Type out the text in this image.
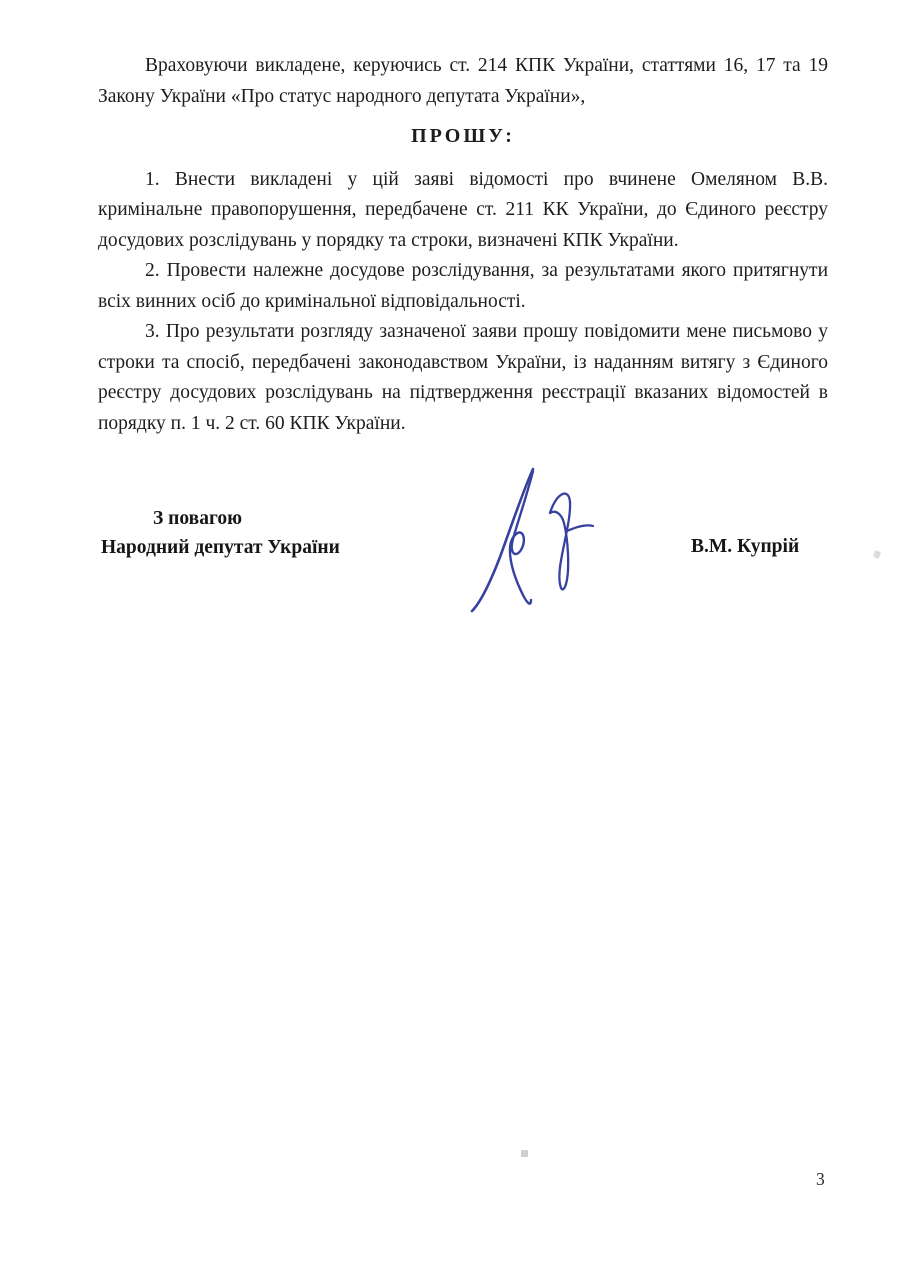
Враховуючи викладене, керуючись ст. 214 КПК України, статтями 16, 17 та 19 Закону України «Про статус народного депутата України»,

ПРОШУ:

1. Внести викладені у цій заяві відомості про вчинене Омеляном В.В. кримінальне правопорушення, передбачене ст. 211 КК України, до Єдиного реєстру досудових розслідувань у порядку та строки, визначені КПК України.

2. Провести належне досудове розслідування, за результатами якого притягнути всіх винних осіб до кримінальної відповідальності.

3. Про результати розгляду зазначеної заяви прошу повідомити мене письмово у строки та спосіб, передбачені законодавством України, із наданням витягу з Єдиного реєстру досудових розслідувань на підтвердження реєстрації вказаних відомостей в порядку п. 1 ч. 2 ст. 60 КПК України.

З повагою
Народний депутат України	В.М. Купрій
3
